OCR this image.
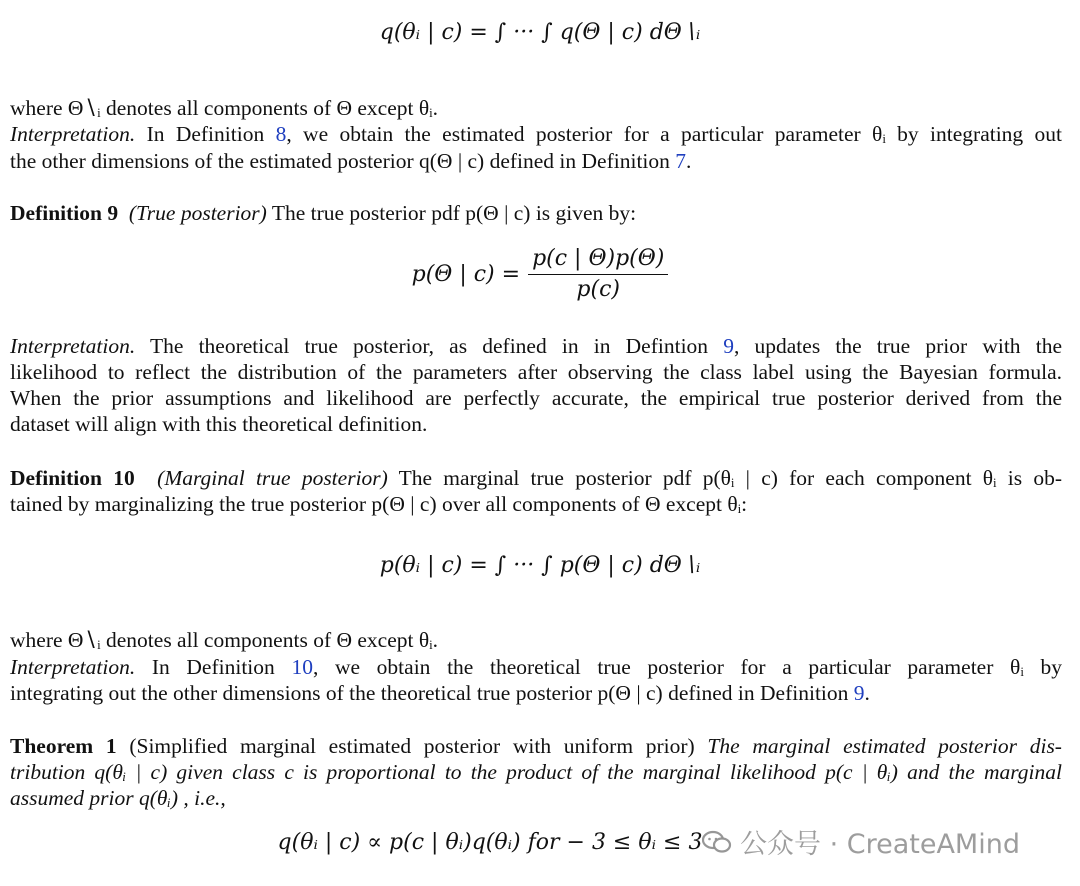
q(θᵢ | c) = ∫ ··· ∫ q(Θ | c) dΘ∖ᵢ
where Θ∖ᵢ denotes all components of Θ except θᵢ.
Interpretation. In Definition 8, we obtain the estimated posterior for a particular parameter θᵢ by integrating out
the other dimensions of the estimated posterior q(Θ | c) defined in Definition 7.
Definition 9 (True posterior) The true posterior pdf p(Θ | c) is given by:
p(Θ | $c) = \frac{p(c | \Theta)p(\Theta)}{p(c)}$
Interpretation. The theoretical true posterior, as defined in in Defintion 9, updates the true prior with the
likelihood to reflect the distribution of the parameters after observing the class label using the Bayesian formula.
When the prior assumptions and likelihood are perfectly accurate, the empirical true posterior derived from the
dataset will align with this theoretical definition.
Definition 10 (Marginal true posterior) The marginal true posterior pdf p(θᵢ | c) for each component θᵢ is ob-
tained by marginalizing the true posterior p(Θ | c) over all components of Θ except θᵢ:
p(θᵢ | c) = ∫ ··· ∫ p(Θ | c) dΘ∖ᵢ
where Θ∖ᵢ denotes all components of Θ except θᵢ.
Interpretation. In Definition 10, we obtain the theoretical true posterior for a particular parameter θᵢ by
integrating out the other dimensions of the theoretical true posterior p(Θ | c) defined in Definition 9.
Theorem 1 (Simplified marginal estimated posterior with uniform prior) The marginal estimated posterior dis-
tribution q(θᵢ | c) given class c is proportional to the product of the marginal likelihood p(c | θᵢ) and the marginal
assumed prior q(θᵢ) , i.e.,
q(θᵢ | c) ∝ p(c | θᵢ)q(θᵢ) for − 3 ≤ θᵢ ≤ 3	公众号 · CreateAMind
